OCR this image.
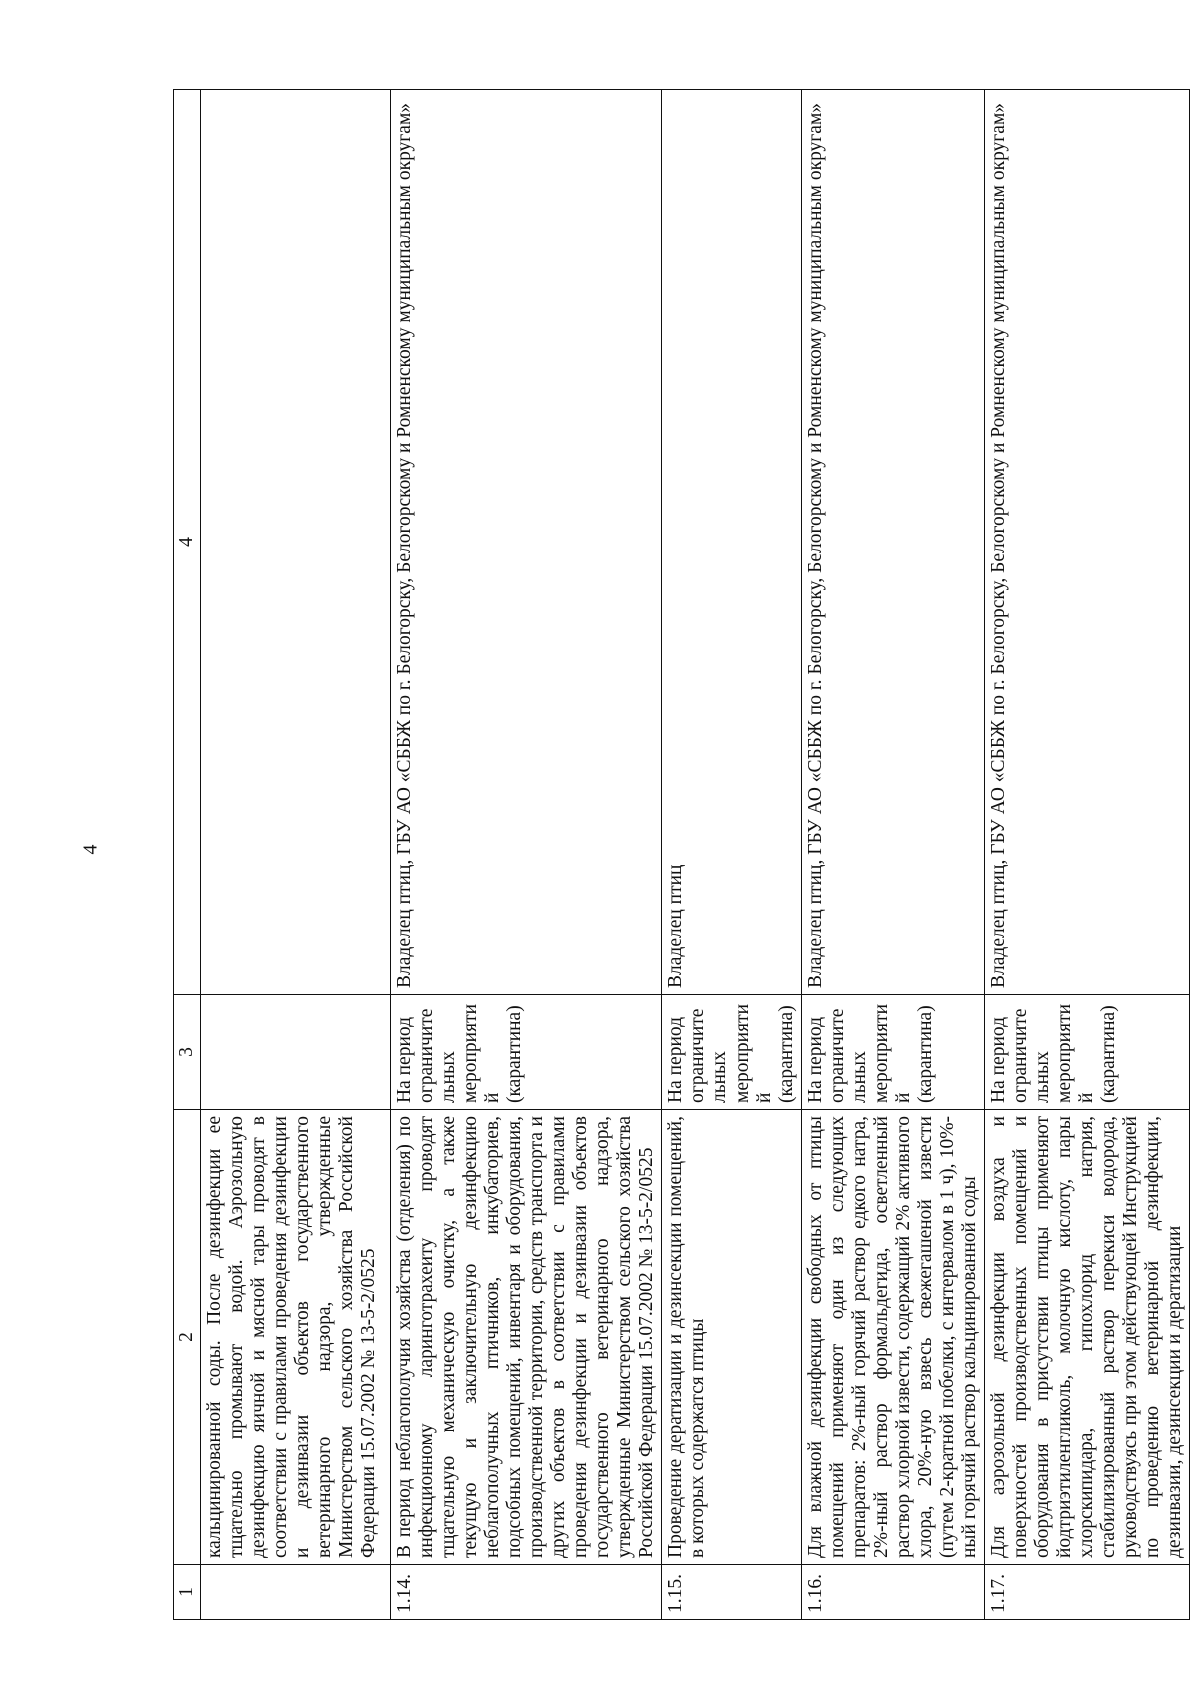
4
1	2	3	4
	кальцинированной соды. После дезинфекции ее тщательно промывают водой. Аэрозольную дезинфекцию яичной и мясной тары проводят в соответствии с правилами проведения дезинфекции и дезинвазии объектов государственного ветеринарного надзора, утвержденные Министерством сельского хозяйства Российской Федерации 15.07.2002 № 13-5-2/0525		
1.14.	В период неблагополучия хозяйства (отделения) по инфекционному ларинготрахеиту проводят тщательную механическую очистку, а также текущую и заключительную дезинфекцию неблагополучных птичников, инкубаториев, подсобных помещений, инвентаря и оборудования, производственной территории, средств транспорта и других объектов в соответствии с правилами проведения дезинфекции и дезинвазии объектов государственного ветеринарного надзора, утвержденные Министерством сельского хозяйства Российской Федерации 15.07.2002 № 13-5-2/0525	На период ограничительных мероприятий (карантина)	Владелец птиц, ГБУ АО «СББЖ по г. Белогорску, Белогорскому и Ромненскому муниципальным округам»
1.15.	Проведение дератизации и дезинсекции помещений, в которых содержатся птицы	На период ограничительных мероприятий (карантина)	Владелец птиц
1.16.	Для влажной дезинфекции свободных от птицы помещений применяют один из следующих препаратов: 2%-ный горячий раствор едкого натра, 2%-ный раствор формальдегида, осветленный раствор хлорной извести, содержащий 2% активного хлора, 20%-ную взвесь свежегашеной извести (путем 2-кратной побелки, с интервалом в 1 ч), 10%-ный горячий раствор кальцинированной соды	На период ограничительных мероприятий (карантина)	Владелец птиц, ГБУ АО «СББЖ по г. Белогорску, Белогорскому и Ромненскому муниципальным округам»
1.17.	Для аэрозольной дезинфекции воздуха и поверхностей производственных помещений и оборудования в присутствии птицы применяют йодтриэтиленгликоль, молочную кислоту, пары хлорскипидара, гипохлорид натрия, стабилизированный раствор перекиси водорода, руководствуясь при этом действующей Инструкцией по проведению ветеринарной дезинфекции, дезинвазии, дезинсекции и дератизации	На период ограничительных мероприятий (карантина)	Владелец птиц, ГБУ АО «СББЖ по г. Белогорску, Белогорскому и Ромненскому муниципальным округам»
